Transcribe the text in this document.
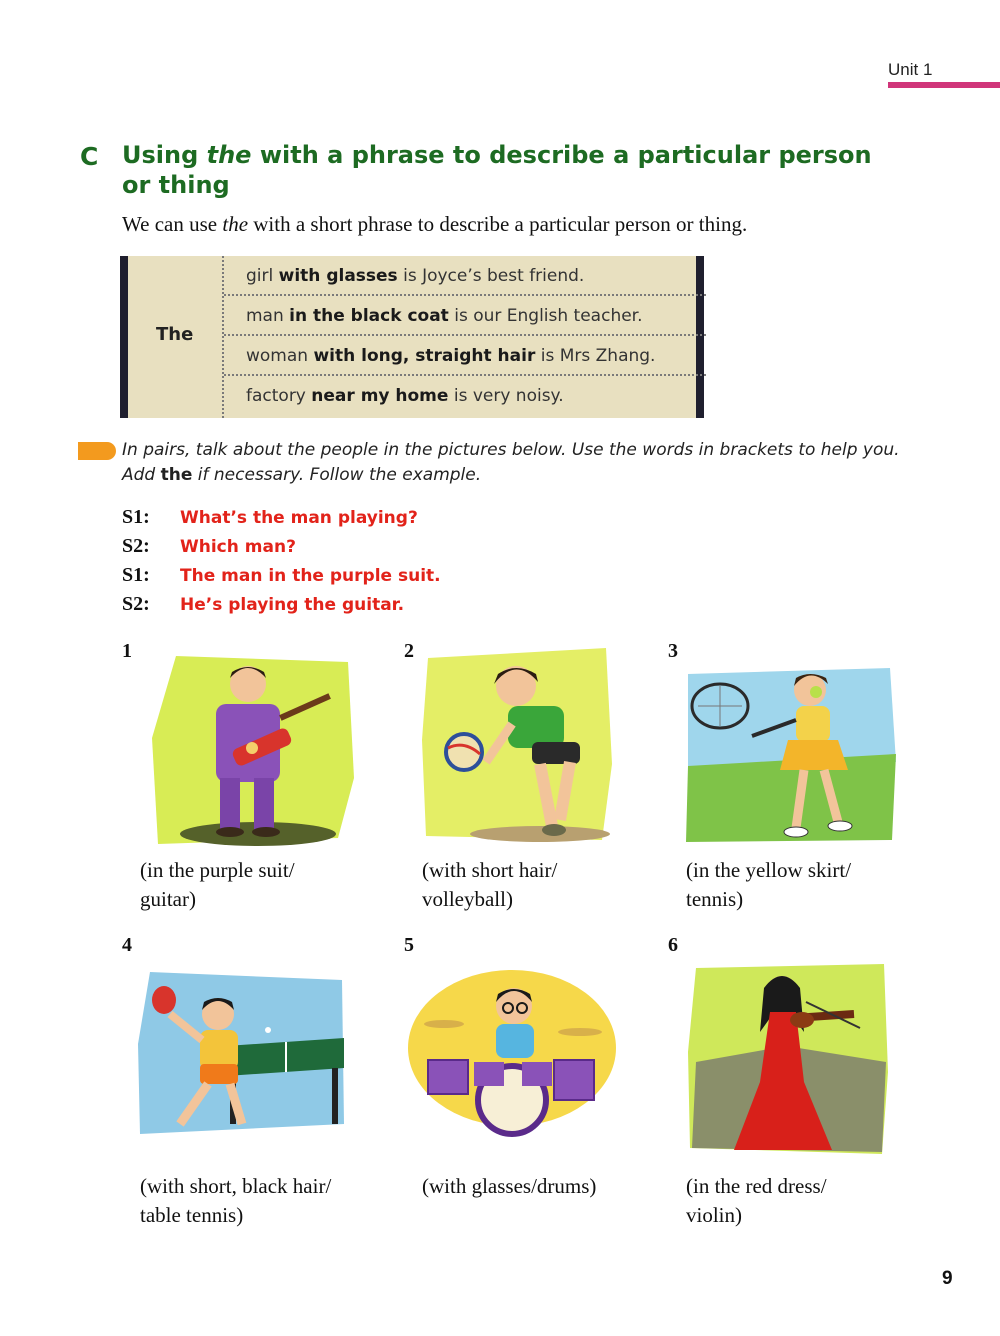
Unit 1
C Using the with a phrase to describe a particular person or thing
We can use the with a short phrase to describe a particular person or thing.
The
girl with glasses is Joyce’s best friend.
man in the black coat is our English teacher.
woman with long, straight hair is Mrs Zhang.
factory near my home is very noisy.
In pairs, talk about the people in the pictures below. Use the words in brackets to help you. Add the if necessary. Follow the example.
S1: What’s the man playing?
S2: Which man?
S1: The man in the purple suit.
S2: He’s playing the guitar.
1
(in the purple suit/
guitar)
2
(with short hair/
volleyball)
3
(in the yellow skirt/
tennis)
4
(with short, black hair/
table tennis)
5
(with glasses/drums)
6
(in the red dress/
violin)
9
